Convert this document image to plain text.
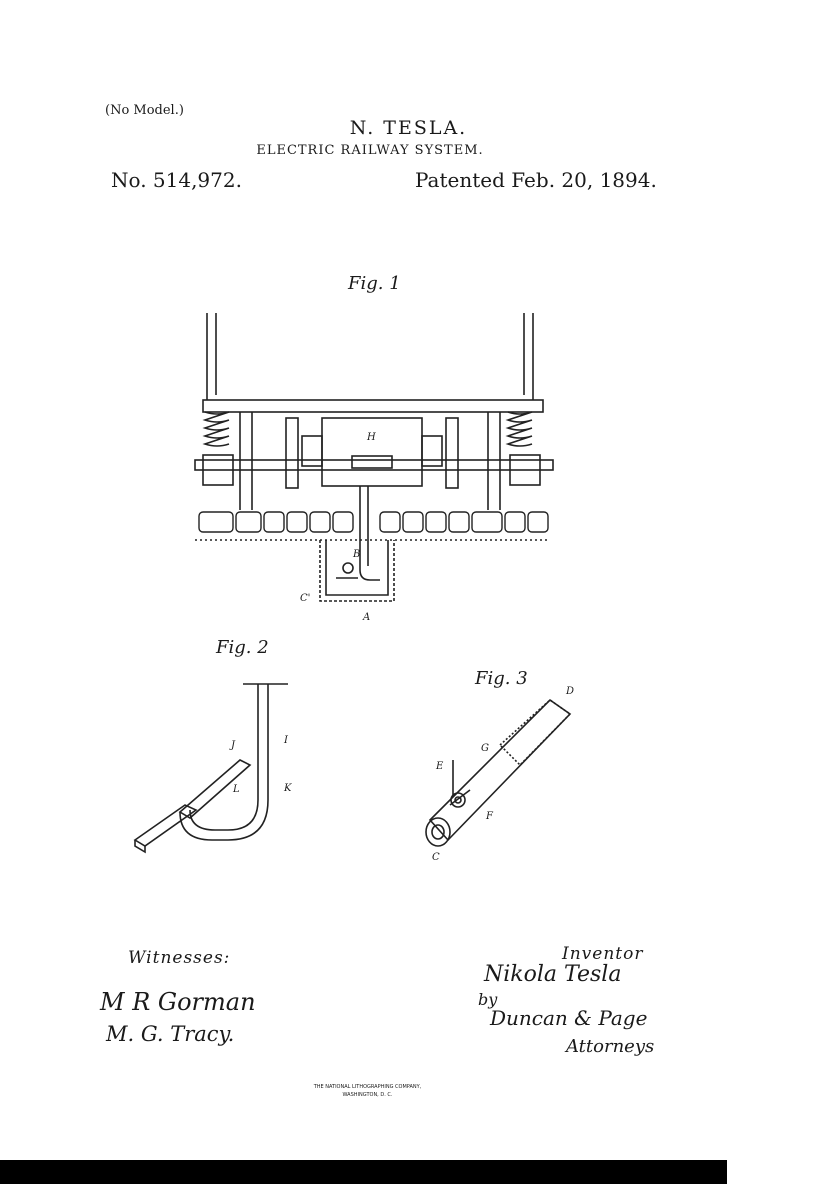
(No Model.)
N. TESLA.
ELECTRIC RAILWAY SYSTEM.
No. 514,972.	Patented Feb. 20, 1894.
Fig. 1
H
B
C'
A
Fig. 2
J	I
L	K
Fig. 3
D
G
E
F
C
Witnesses:
M R Gorman
M. G. Tracy.
Inventor
Nikola Tesla
by
Duncan & Page
Attorneys
THE NATIONAL LITHOGRAPHING COMPANY,
WASHINGTON, D. C.
